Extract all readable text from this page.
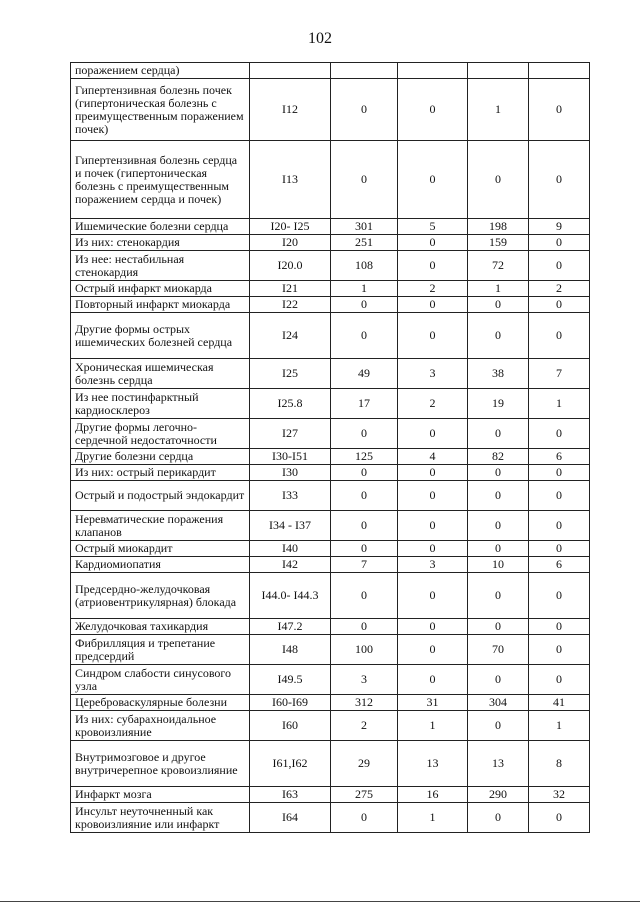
102
поражением сердца)					
Гипертензивная болезнь почек (гипертоническая болезнь с преимущественным поражением почек)	I12	0	0	1	0
Гипертензивная болезнь сердца и почек (гипертоническая болезнь с преимущественным поражением сердца и почек)	I13	0	0	0	0
Ишемические болезни сердца	I20- I25	301	5	198	9
Из них: стенокардия	I20	251	0	159	0
Из нее: нестабильная стенокардия	I20.0	108	0	72	0
Острый инфаркт миокарда	I21	1	2	1	2
Повторный инфаркт миокарда	I22	0	0	0	0
Другие формы острых ишемических болезней сердца	I24	0	0	0	0
Хроническая ишемическая болезнь сердца	I25	49	3	38	7
Из нее постинфарктный кардиосклероз	I25.8	17	2	19	1
Другие формы легочно-сердечной недостаточности	I27	0	0	0	0
Другие болезни сердца	I30-I51	125	4	82	6
Из них: острый перикардит	I30	0	0	0	0
Острый и подострый эндокардит	I33	0	0	0	0
Неревматические поражения клапанов	I34 - I37	0	0	0	0
Острый миокардит	I40	0	0	0	0
Кардиомиопатия	I42	7	3	10	6
Предсердно-желудочковая (атриовентрикулярная) блокада	I44.0- I44.3	0	0	0	0
Желудочковая тахикардия	I47.2	0	0	0	0
Фибрилляция и трепетание предсердий	I48	100	0	70	0
Синдром слабости синусового узла	I49.5	3	0	0	0
Цереброваскулярные болезни	I60-I69	312	31	304	41
Из них: субарахноидальное кровоизлияние	I60	2	1	0	1
Внутримозговое и другое внутричерепное кровоизлияние	I61,I62	29	13	13	8
Инфаркт мозга	I63	275	16	290	32
Инсульт неуточненный как кровоизлияние или инфаркт	I64	0	1	0	0
